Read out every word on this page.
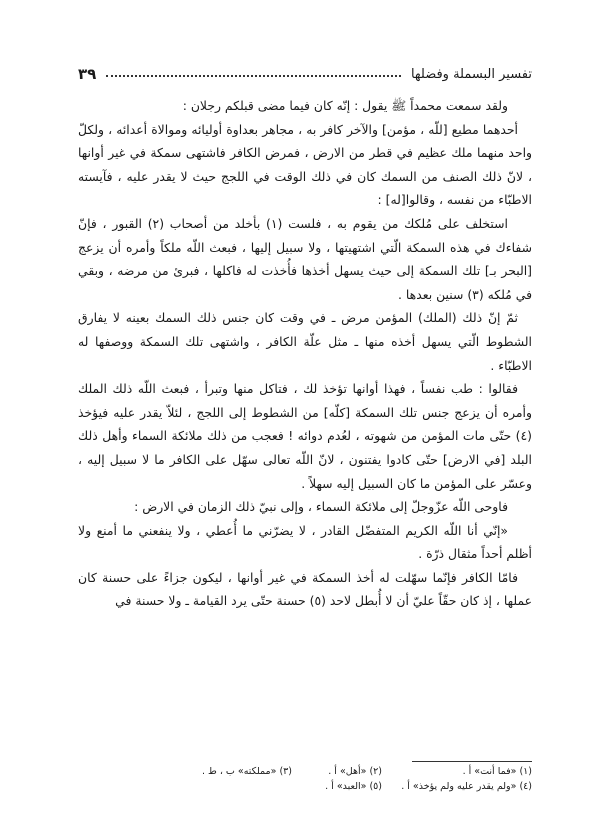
تفسير البسملة وفضلها
٣٩

ولقد سمعت محمداً ﷺ يقول : إنّه كان فيما مضى قبلكم رجلان :

أحدهما مطيع [للّه ، مؤمن] والآخر كافر به ، مجاهر بعداوة أوليائه وموالاة أعدائه ، ولكلّ واحد منهما ملك عظيم في قطر من الارض ، فمرض الكافر فاشتهى سمكة في غير أوانها ، لانّ ذلك الصنف من السمك كان في ذلك الوقت في اللجج حيث لا يقدر عليه ، فآيسته الاطبّاء من نفسه ، وقالوا[له] :

استخلف على مُلكك من يقوم به ، فلست (١) بأخلد من أصحاب (٢) القبور ، فإنّ شفاءك في هذه السمكة الّتي اشتهيتها ، ولا سبيل إليها ، فبعث اللّه ملكاً وأمره أن يزعج [البحر بـ] تلك السمكة إلى حيث يسهل أخذها فأُخذت له فاكلها ، فبرئ من مرضه ، وبقي في مُلكه (٣) سنين بعدها .

ثمّ إنّ ذلك (الملك) المؤمن مرض ـ في وقت كان جنس ذلك السمك بعينه لا يفارق الشطوط الّتي يسهل أخذه منها ـ مثل علّة الكافر ، واشتهى تلك السمكة ووصفها له الاطبّاء .

فقالوا : طب نفساً ، فهذا أوانها تؤخذ لك ، فتاكل منها وتبرأ ، فبعث اللّه ذلك الملك وأمره أن يزعج جنس تلك السمكة [كلّه] من الشطوط إلى اللجج ، لئلاّ يقدر عليه فيؤخذ (٤) حتّى مات المؤمن من شهوته ، لعُدم دوائه ! فعجب من ذلك ملائكة السماء وأهل ذلك البلد [في الارض] حتّى كادوا يفتنون ، لانّ اللّه تعالى سهّل على الكافر ما لا سبيل إليه ، وعسّر على المؤمن ما كان السبيل إليه سهلاً .

فاوحى اللّه عزّوجلّ إلى ملائكة السماء ، وإلى نبيّ ذلك الزمان في الارض :

«إنّي أنا اللّه الكريم المتفضّل القادر ، لا يضرّني ما أُعطي ، ولا ينفعني ما أمنع ولا أظلم أحداً مثقال ذرّة .

فامّا الكافر فإنّما سهّلت له أخذ السمكة في غير أوانها ، ليكون جزاءً على حسنة كان عملها ، إذ كان حقّاً عليّ أن لا أُبطل لاحد (٥) حسنة حتّى يرد القيامة ـ ولا حسنة في

(١) «فما أنت» أ .
(٢) «أهل» أ .
(٣) «مملكته» ب ، ط .
(٤) «ولم يقدر عليه ولم يؤخذ» أ .
(٥) «العبد» أ .
